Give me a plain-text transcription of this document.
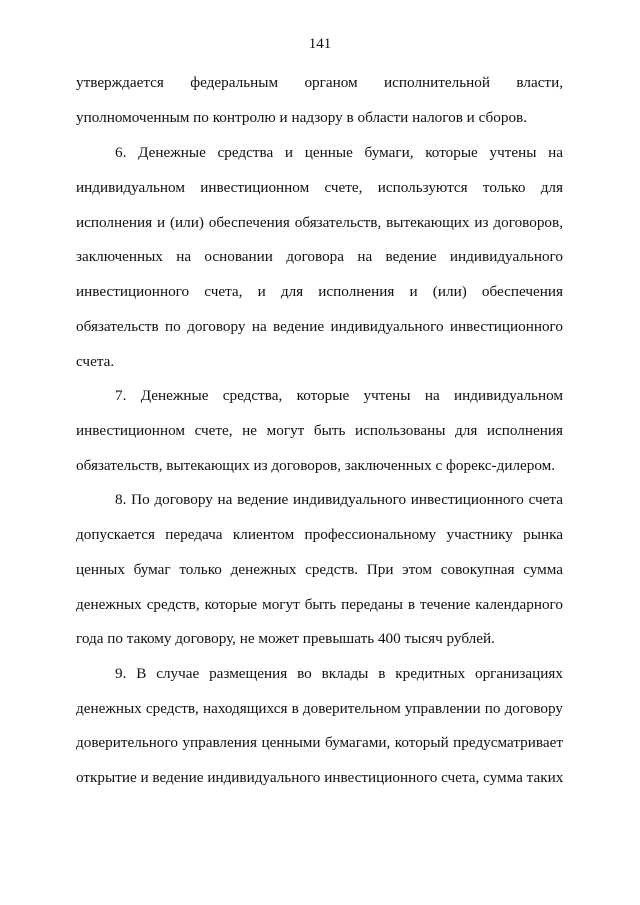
141
утверждается федеральным органом исполнительной власти,
уполномоченным по контролю и надзору в области налогов и сборов.
6. Денежные средства и ценные бумаги, которые учтены на
индивидуальном инвестиционном счете, используются только для
исполнения и (или) обеспечения обязательств, вытекающих из договоров,
заключенных на основании договора на ведение индивидуального
инвестиционного счета, и для исполнения и (или) обеспечения
обязательств по договору на ведение индивидуального инвестиционного
счета.
7. Денежные средства, которые учтены на индивидуальном
инвестиционном счете, не могут быть использованы для исполнения
обязательств, вытекающих из договоров, заключенных с форекс-дилером.
8. По договору на ведение индивидуального инвестиционного счета
допускается передача клиентом профессиональному участнику рынка
ценных бумаг только денежных средств. При этом совокупная сумма
денежных средств, которые могут быть переданы в течение календарного
года по такому договору, не может превышать 400 тысяч рублей.
9. В случае размещения во вклады в кредитных организациях
денежных средств, находящихся в доверительном управлении по договору
доверительного управления ценными бумагами, который предусматривает
открытие и ведение индивидуального инвестиционного счета, сумма таких
